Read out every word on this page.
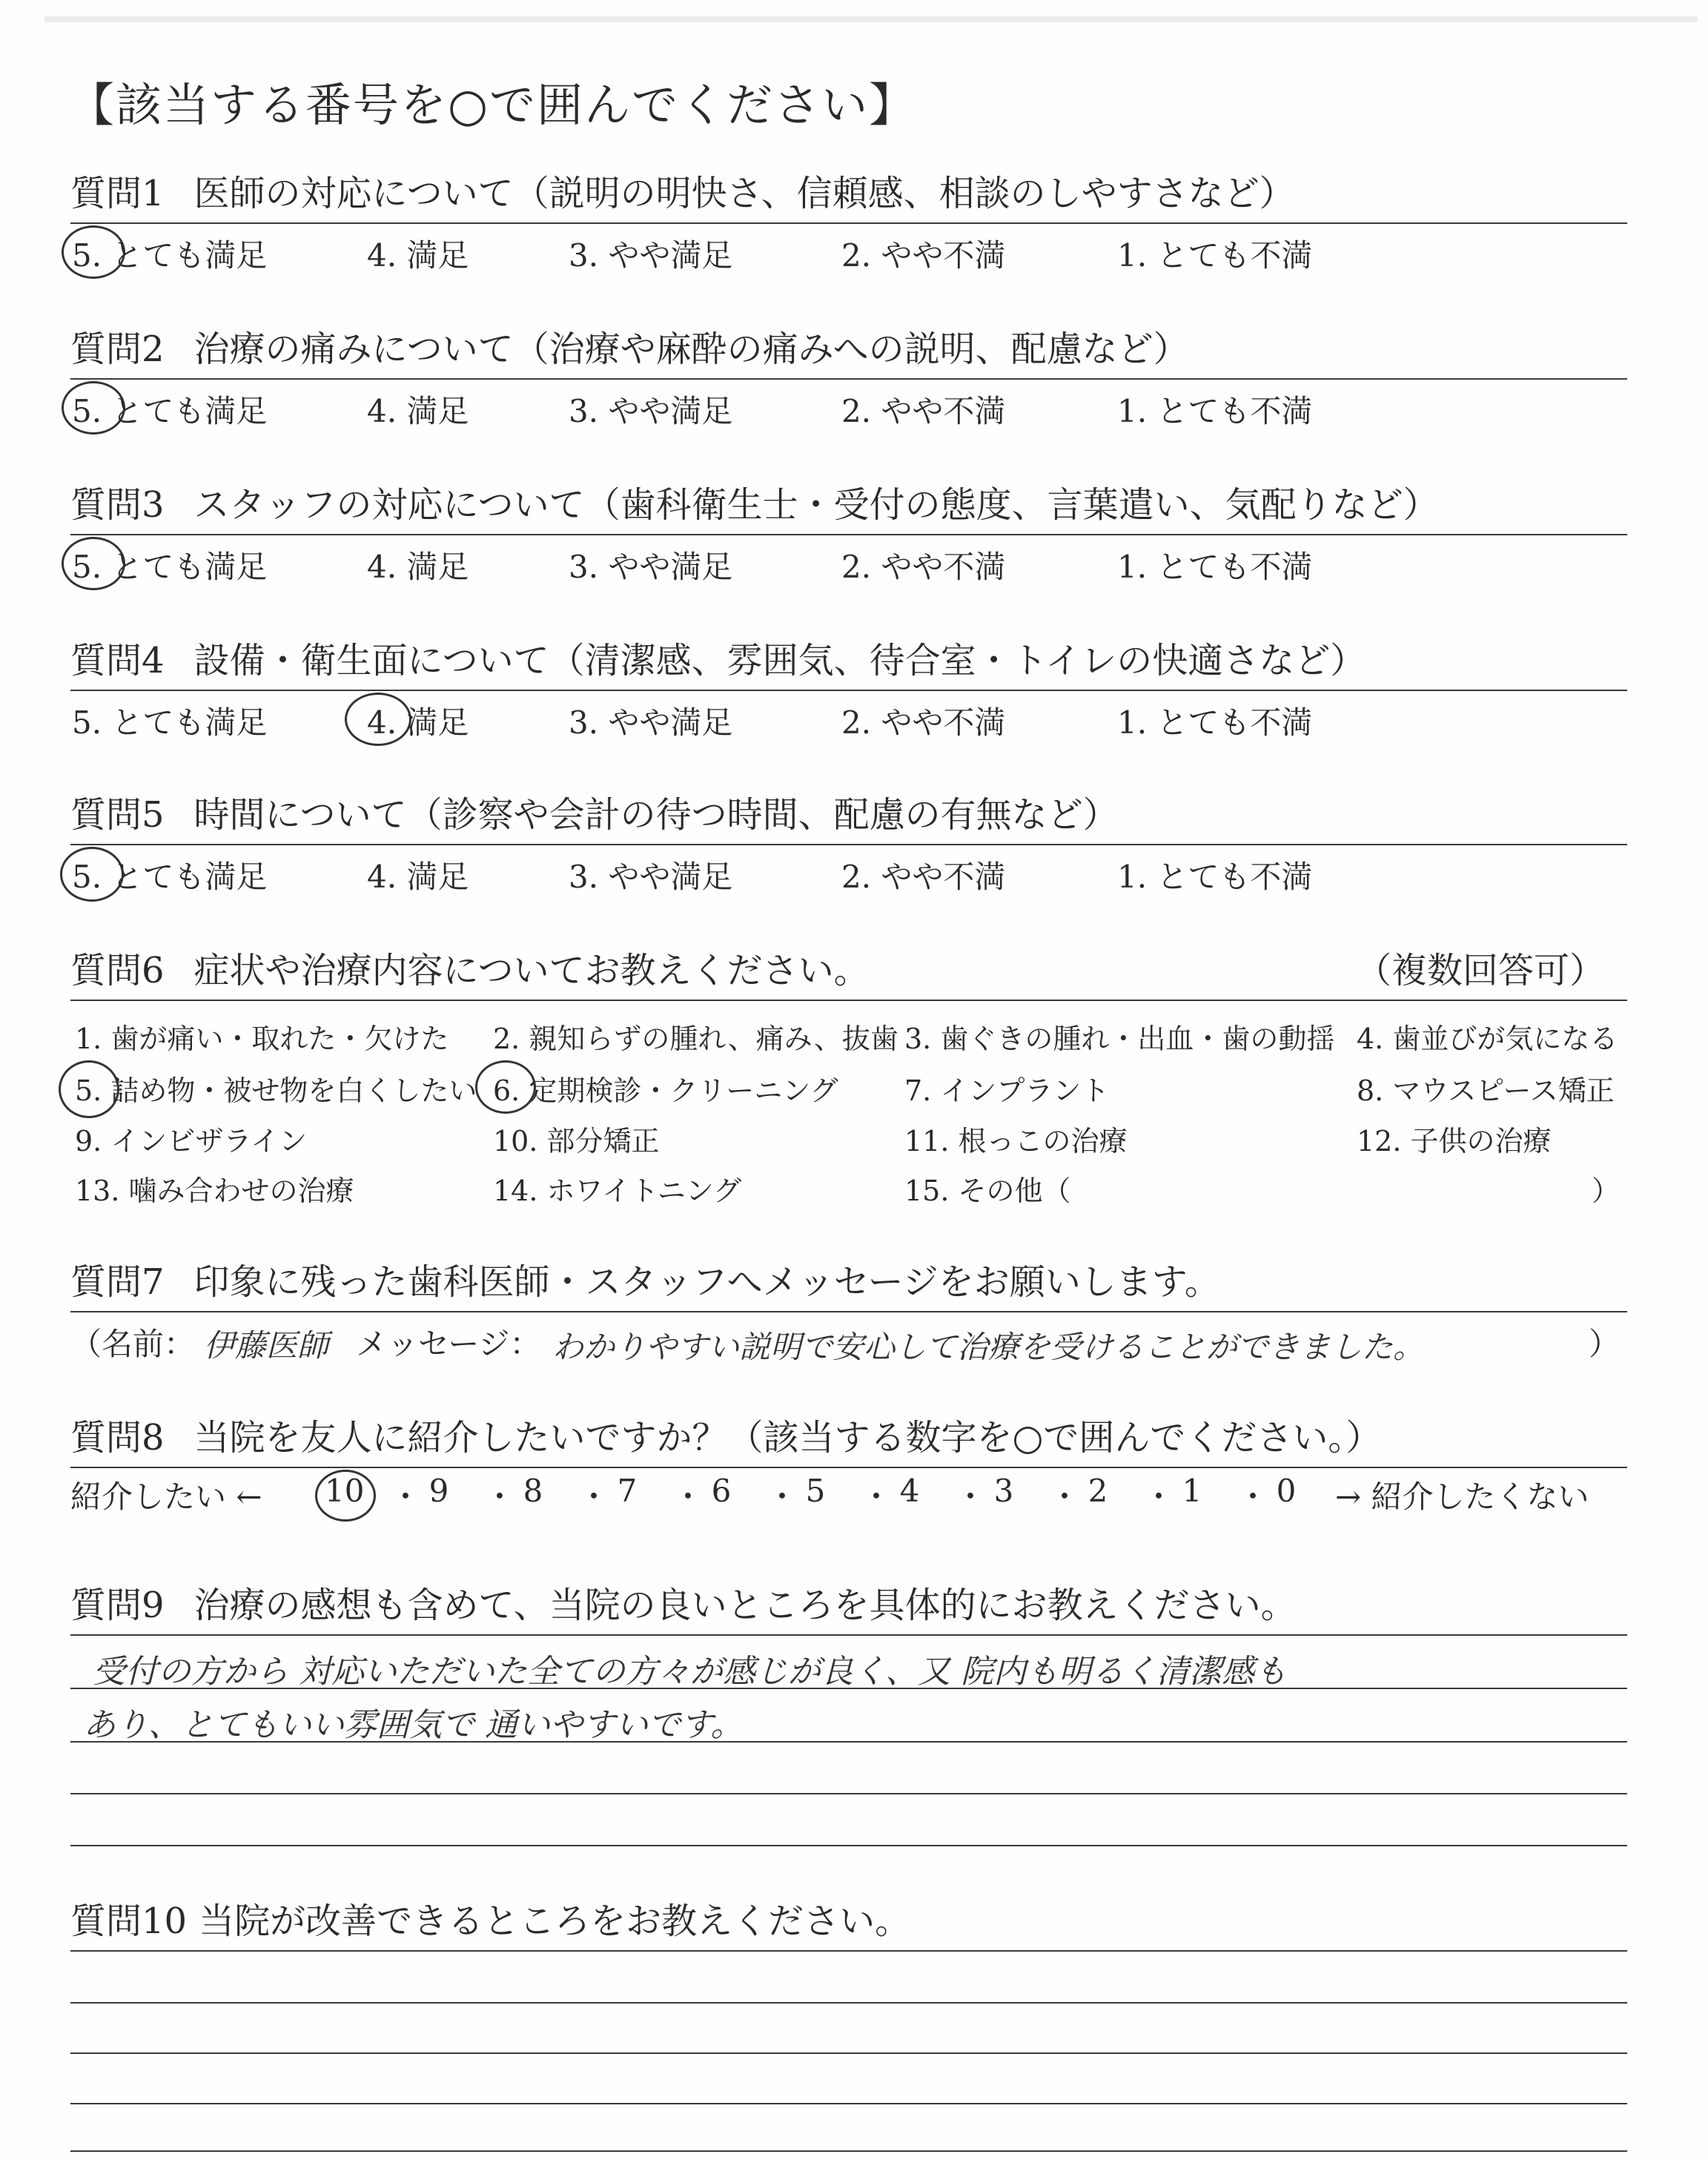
【該当する番号を○で囲んでください】
質問1 医師の対応について（説明の明快さ、信頼感、相談のしやすさなど）
5. とても満足	4. 満足	3. やや満足	2. やや不満	1. とても不満
質問2 治療の痛みについて（治療や麻酔の痛みへの説明、配慮など）
5. とても満足	4. 満足	3. やや満足	2. やや不満	1. とても不満
質問3 スタッフの対応について（歯科衛生士・受付の態度、言葉遣い、気配りなど）
5. とても満足	4. 満足	3. やや満足	2. やや不満	1. とても不満
質問4 設備・衛生面について（清潔感、雰囲気、待合室・トイレの快適さなど）
5. とても満足	4. 満足	3. やや満足	2. やや不満	1. とても不満
質問5 時間について（診察や会計の待つ時間、配慮の有無など）
5. とても満足	4. 満足	3. やや満足	2. やや不満	1. とても不満
質問6 症状や治療内容についてお教えください。	（複数回答可）
1. 歯が痛い・取れた・欠けた 2. 親知らずの腫れ、痛み、抜歯 3. 歯ぐきの腫れ・出血・歯の動揺 4. 歯並びが気になる
5. 詰め物・被せ物を白くしたい 6. 定期検診・クリーニング 7. インプラント	8. マウスピース矯正
9. インビザライン	10. 部分矯正	11. 根っこの治療	12. 子供の治療
13. 噛み合わせの治療	14. ホワイトニング	15. その他（	）
質問7 印象に残った歯科医師・スタッフへメッセージをお願いします。
（名前： 伊藤医師 メッセージ： わかりやすい説明で安心して治療を受けることができました。	）
質問8 当院を友人に紹介したいですか？（該当する数字を○で囲んでください。）
紹介したい ← 10 ・ 9 ・ 8 ・ 7 ・ 6 ・ 5 ・ 4 ・ 3 ・ 2 ・ 1 ・ 0 → 紹介したくない
質問9 治療の感想も含めて、当院の良いところを具体的にお教えください。
受付の方から 対応いただいた全ての方々が感じが良く、又 院内も明るく清潔感も
あり、とてもいい雰囲気で 通いやすいです。
質問10 当院が改善できるところをお教えください。
